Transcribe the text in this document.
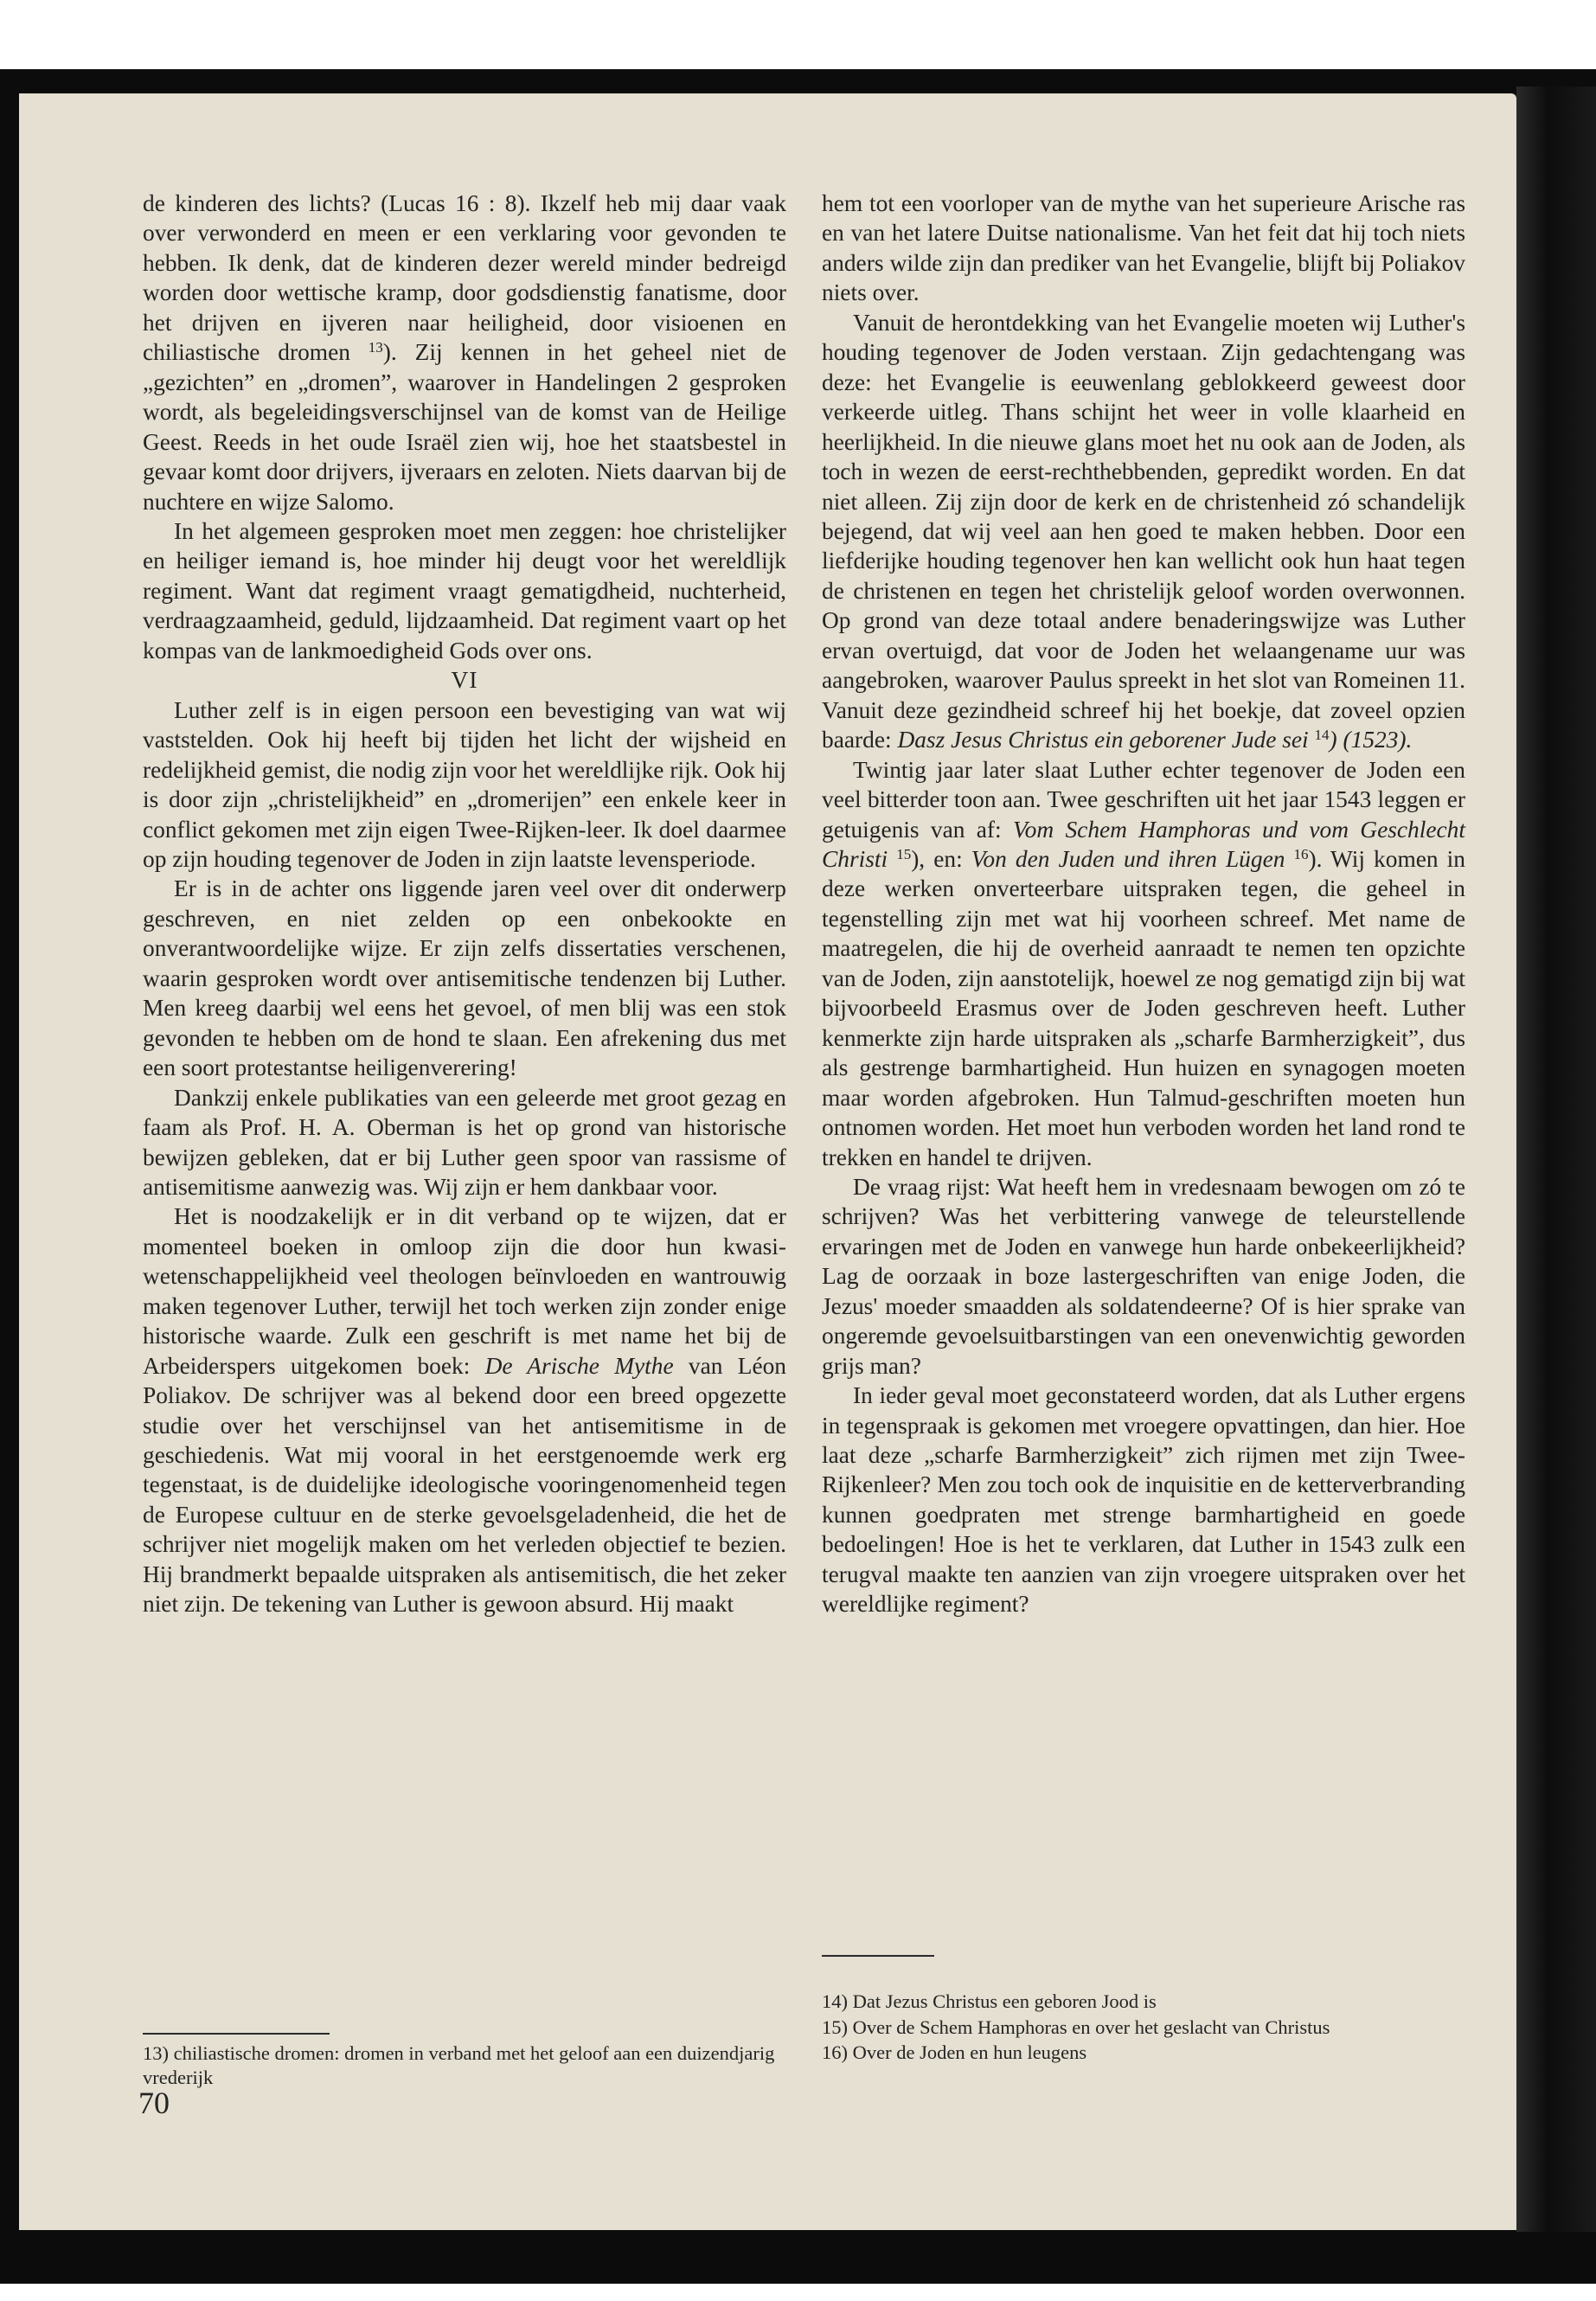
de kinderen des lichts? (Lucas 16 : 8). Ikzelf heb mij daar vaak over verwonderd en meen er een verklaring voor gevonden te hebben. Ik denk, dat de kinderen dezer wereld minder bedreigd worden door wettische kramp, door godsdienstig fanatisme, door het drijven en ijveren naar heiligheid, door visioenen en chiliastische dromen $^{13}$). Zij kennen in het geheel niet de „gezichten” en „dromen”, waarover in Handelingen 2 gesproken wordt, als begeleidingsverschijnsel van de komst van de Heilige Geest. Reeds in het oude Israël zien wij, hoe het staatsbestel in gevaar komt door drijvers, ijveraars en zeloten. Niets daarvan bij de nuchtere en wijze Salomo.

In het algemeen gesproken moet men zeggen: hoe christelijker en heiliger iemand is, hoe minder hij deugt voor het wereldlijk regiment. Want dat regiment vraagt gematigdheid, nuchterheid, verdraagzaamheid, geduld, lijdzaamheid. Dat regiment vaart op het kompas van de lankmoedigheid Gods over ons.

VI

Luther zelf is in eigen persoon een bevestiging van wat wij vaststelden. Ook hij heeft bij tijden het licht der wijsheid en redelijkheid gemist, die nodig zijn voor het wereldlijke rijk. Ook hij is door zijn „christelijkheid” en „dromerijen” een enkele keer in conflict gekomen met zijn eigen Twee-Rijken-leer. Ik doel daarmee op zijn houding tegenover de Joden in zijn laatste levensperiode.

Er is in de achter ons liggende jaren veel over dit onderwerp geschreven, en niet zelden op een onbekookte en onverantwoordelijke wijze. Er zijn zelfs dissertaties verschenen, waarin gesproken wordt over antisemitische tendenzen bij Luther. Men kreeg daarbij wel eens het gevoel, of men blij was een stok gevonden te hebben om de hond te slaan. Een afrekening dus met een soort protestantse heiligenverering!

Dankzij enkele publikaties van een geleerde met groot gezag en faam als Prof. H. A. Oberman is het op grond van historische bewijzen gebleken, dat er bij Luther geen spoor van rassisme of antisemitisme aanwezig was. Wij zijn er hem dankbaar voor.

Het is noodzakelijk er in dit verband op te wijzen, dat er momenteel boeken in omloop zijn die door hun kwasi-wetenschappelijkheid veel theologen beïnvloeden en wantrouwig maken tegenover Luther, terwijl het toch werken zijn zonder enige historische waarde. Zulk een geschrift is met name het bij de Arbeiderspers uitgekomen boek: De Arische Mythe van Léon Poliakov. De schrijver was al bekend door een breed opgezette studie over het verschijnsel van het antisemitisme in de geschiedenis. Wat mij vooral in het eerstgenoemde werk erg tegenstaat, is de duidelijke ideologische vooringenomenheid tegen de Europese cultuur en de sterke gevoelsgeladenheid, die het de schrijver niet mogelijk maken om het verleden objectief te bezien. Hij brandmerkt bepaalde uitspraken als antisemitisch, die het zeker niet zijn. De tekening van Luther is gewoon absurd. Hij maakt

13) chiliastische dromen: dromen in verband met het geloof aan een duizendjarig vrederijk

70

hem tot een voorloper van de mythe van het superieure Arische ras en van het latere Duitse nationalisme. Van het feit dat hij toch niets anders wilde zijn dan prediker van het Evangelie, blijft bij Poliakov niets over.

Vanuit de herontdekking van het Evangelie moeten wij Luther's houding tegenover de Joden verstaan. Zijn gedachtengang was deze: het Evangelie is eeuwenlang geblokkeerd geweest door verkeerde uitleg. Thans schijnt het weer in volle klaarheid en heerlijkheid. In die nieuwe glans moet het nu ook aan de Joden, als toch in wezen de eerst-rechthebbenden, gepredikt worden. En dat niet alleen. Zij zijn door de kerk en de christenheid zó schandelijk bejegend, dat wij veel aan hen goed te maken hebben. Door een liefderijke houding tegenover hen kan wellicht ook hun haat tegen de christenen en tegen het christelijk geloof worden overwonnen. Op grond van deze totaal andere benaderingswijze was Luther ervan overtuigd, dat voor de Joden het welaangename uur was aangebroken, waarover Paulus spreekt in het slot van Romeinen 11. Vanuit deze gezindheid schreef hij het boekje, dat zoveel opzien baarde: Dasz Jesus Christus ein geborener Jude sei $^{14}$) (1523).

Twintig jaar later slaat Luther echter tegenover de Joden een veel bitterder toon aan. Twee geschriften uit het jaar 1543 leggen er getuigenis van af: Vom Schem Hamphoras und vom Geschlecht Christi $^{15}$), en: Von den Juden und ihren Lügen $^{16}$). Wij komen in deze werken onverteerbare uitspraken tegen, die geheel in tegenstelling zijn met wat hij voorheen schreef. Met name de maatregelen, die hij de overheid aanraadt te nemen ten opzichte van de Joden, zijn aanstotelijk, hoewel ze nog gematigd zijn bij wat bijvoorbeeld Erasmus over de Joden geschreven heeft. Luther kenmerkte zijn harde uitspraken als „scharfe Barmherzigkeit”, dus als gestrenge barmhartigheid. Hun huizen en synagogen moeten maar worden afgebroken. Hun Talmud-geschriften moeten hun ontnomen worden. Het moet hun verboden worden het land rond te trekken en handel te drijven.

De vraag rijst: Wat heeft hem in vredesnaam bewogen om zó te schrijven? Was het verbittering vanwege de teleurstellende ervaringen met de Joden en vanwege hun harde onbekeerlijkheid? Lag de oorzaak in boze lastergeschriften van enige Joden, die Jezus' moeder smaadden als soldatendeerne? Of is hier sprake van ongeremde gevoelsuitbarstingen van een onevenwichtig geworden grijs man?

In ieder geval moet geconstateerd worden, dat als Luther ergens in tegenspraak is gekomen met vroegere opvattingen, dan hier. Hoe laat deze „scharfe Barmherzigkeit” zich rijmen met zijn Twee-Rijkenleer? Men zou toch ook de inquisitie en de ketterverbranding kunnen goedpraten met strenge barmhartigheid en goede bedoelingen! Hoe is het te verklaren, dat Luther in 1543 zulk een terugval maakte ten aanzien van zijn vroegere uitspraken over het wereldlijke regiment?

14) Dat Jezus Christus een geboren Jood is

15) Over de Schem Hamphoras en over het geslacht van Christus

16) Over de Joden en hun leugens
